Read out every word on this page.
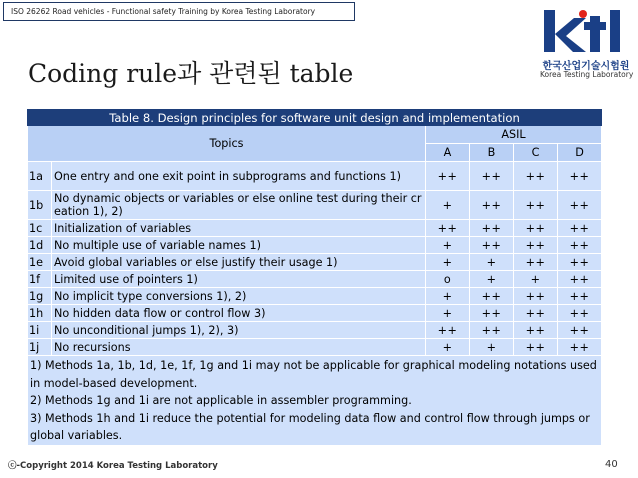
ISO 26262 Road vehicles - Functional safety Training by Korea Testing Laboratory
한국산업기술시험원
Korea Testing Laboratory
Coding rule과 관련된 table
Table 8. Design principles for software unit design and implementation					
Topics		ASIL			
		A	B	C	D
1a	One entry and one exit point in subprograms and functions 1)	++	++	++	++
1b	No dynamic objects or variables or else online test during their creation 1), 2)	+	++	++	++
1c	Initialization of variables	++	++	++	++
1d	No multiple use of variable names 1)	+	++	++	++
1e	Avoid global variables or else justify their usage 1)	+	+	++	++
1f	Limited use of pointers 1)	o	+	+	++
1g	No implicit type conversions 1), 2)	+	++	++	++
1h	No hidden data flow or control flow 3)	+	++	++	++
1i	No unconditional jumps 1), 2), 3)	++	++	++	++
1j	No recursions	+	+	++	++

1) Methods 1a, 1b, 1d, 1e, 1f, 1g and 1i may not be applicable for graphical modeling notations used in model-based development.
2) Methods 1g and 1i are not applicable in assembler programming.
3) Methods 1h and 1i reduce the potential for modeling data flow and control flow through jumps or global variables.					
ⓒ-Copyright 2014 Korea Testing Laboratory	40
